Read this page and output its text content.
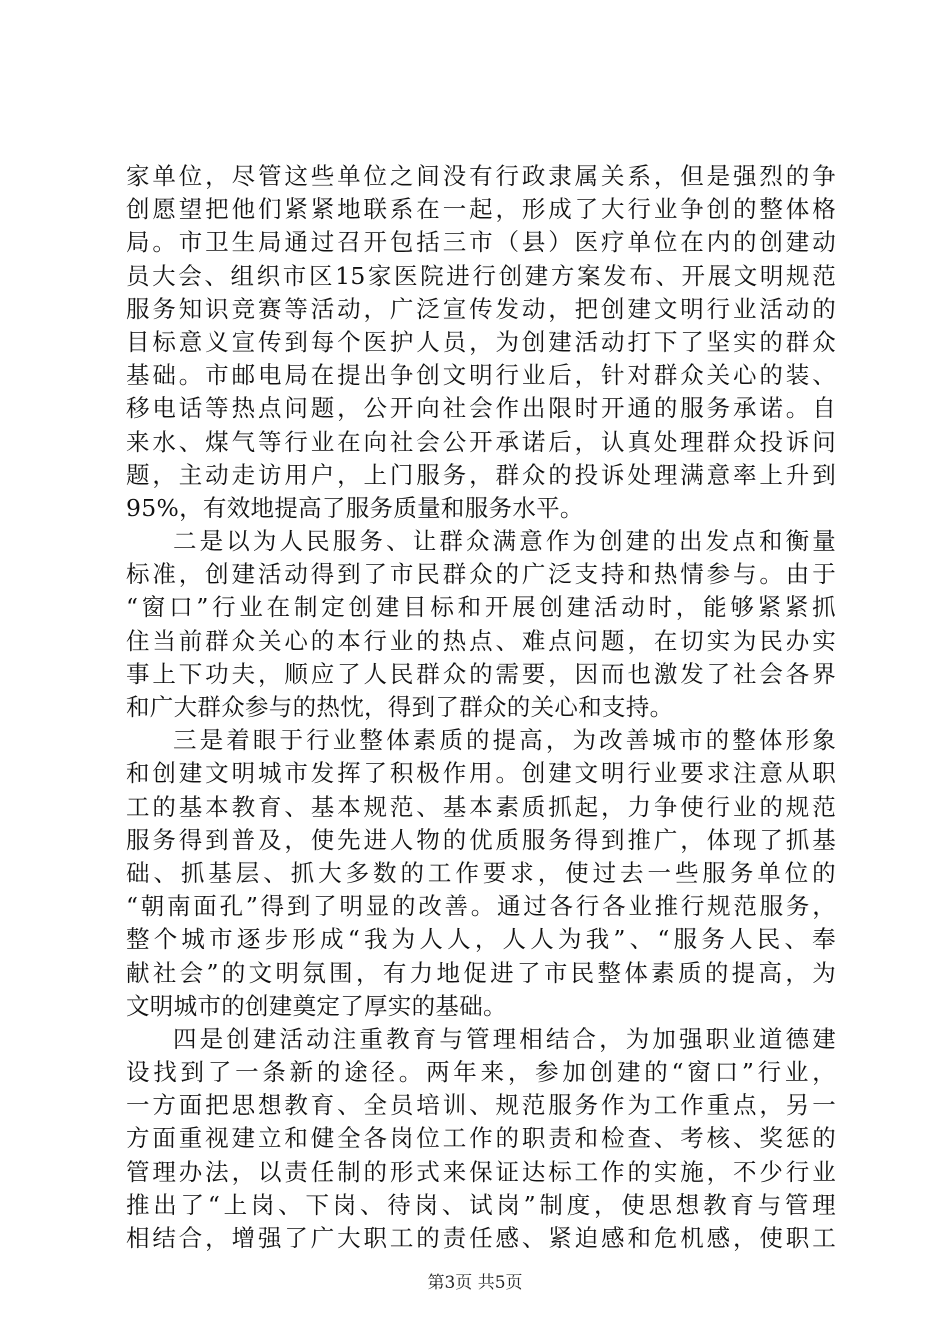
家单位，尽管这些单位之间没有行政隶属关系，但是强烈的争
创愿望把他们紧紧地联系在一起，形成了大行业争创的整体格
局。市卫生局通过召开包括三市（县）医疗单位在内的创建动
员大会、组织市区15家医院进行创建方案发布、开展文明规范
服务知识竞赛等活动，广泛宣传发动，把创建文明行业活动的
目标意义宣传到每个医护人员，为创建活动打下了坚实的群众
基础。市邮电局在提出争创文明行业后，针对群众关心的装、
移电话等热点问题，公开向社会作出限时开通的服务承诺。自
来水、煤气等行业在向社会公开承诺后，认真处理群众投诉问
题，主动走访用户，上门服务，群众的投诉处理满意率上升到
95%，有效地提高了服务质量和服务水平。
二是以为人民服务、让群众满意作为创建的出发点和衡量
标准，创建活动得到了市民群众的广泛支持和热情参与。由于
“窗口”行业在制定创建目标和开展创建活动时，能够紧紧抓
住当前群众关心的本行业的热点、难点问题，在切实为民办实
事上下功夫，顺应了人民群众的需要，因而也激发了社会各界
和广大群众参与的热忱，得到了群众的关心和支持。
三是着眼于行业整体素质的提高，为改善城市的整体形象
和创建文明城市发挥了积极作用。创建文明行业要求注意从职
工的基本教育、基本规范、基本素质抓起，力争使行业的规范
服务得到普及，使先进人物的优质服务得到推广，体现了抓基
础、抓基层、抓大多数的工作要求，使过去一些服务单位的
“朝南面孔”得到了明显的改善。通过各行各业推行规范服务，
整个城市逐步形成“我为人人，人人为我”、“服务人民、奉
献社会”的文明氛围，有力地促进了市民整体素质的提高，为
文明城市的创建奠定了厚实的基础。
四是创建活动注重教育与管理相结合，为加强职业道德建
设找到了一条新的途径。两年来，参加创建的“窗口”行业，
一方面把思想教育、全员培训、规范服务作为工作重点，另一
方面重视建立和健全各岗位工作的职责和检查、考核、奖惩的
管理办法，以责任制的形式来保证达标工作的实施，不少行业
推出了“上岗、下岗、待岗、试岗”制度，使思想教育与管理
相结合，增强了广大职工的责任感、紧迫感和危机感，使职工
第3页 共5页
